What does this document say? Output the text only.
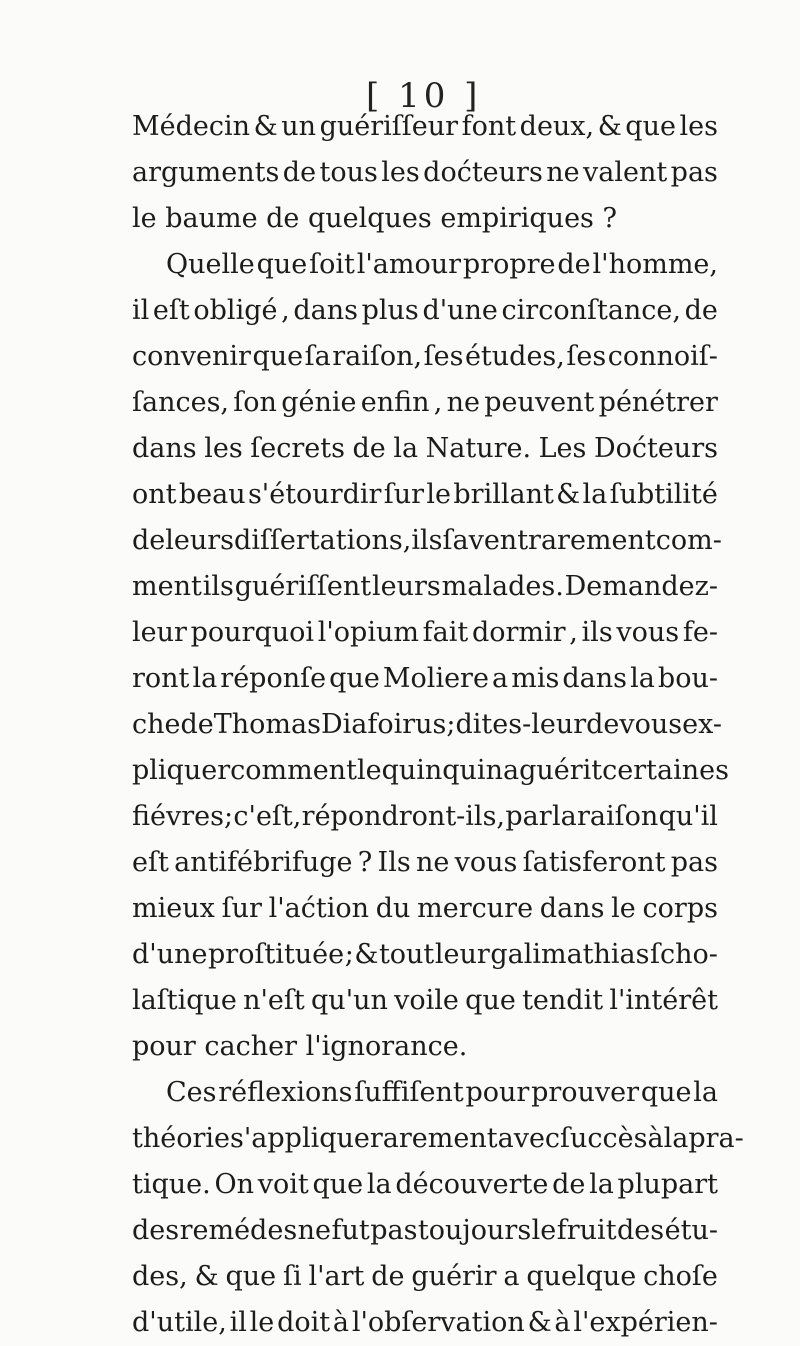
[ 10 ]
Médecin & un guériſſeur font deux, & que les
arguments de tous les doćteurs ne valent pas
le baume de quelques empiriques ?
Quelle que ſoit l'amour propre de l'homme,
il eſt obligé , dans plus d'une circonſtance, de
convenir que ſa raiſon, ſes études, ſes connoiſ-
ſances, ſon génie enfin , ne peuvent pénétrer
dans les ſecrets de la Nature. Les Doćteurs
ont beau s'étourdir ſur le brillant & la ſubtilité
de leurs diſſertations, ils ſavent rarement com-
ment ils guériſſent leurs malades. Demandez-
leur pourquoi l'opium fait dormir , ils vous fe-
ront la réponſe que Moliere a mis dans la bou-
che de Thomas Diafoirus; dites-leur de vous ex-
pliquer comment le quinquina guérit certaines
fiévres; c'eſt, répondront-ils, par la raiſon qu'il
eſt antifébrifuge ? Ils ne vous ſatisferont pas
mieux ſur l'aćtion du mercure dans le corps
d'une proſtituée ; & tout leur galimathias ſcho-
laſtique n'eſt qu'un voile que tendit l'intérêt
pour cacher l'ignorance.
Ces réflexions ſuffiſent pour prouver que la
théorie s'applique rarement avec ſuccès à la pra-
tique. On voit que la découverte de la plupart
des remédes ne fut pas toujours le fruit des étu-
des, & que ſi l'art de guérir a quelque choſe
d'utile, il le doit à l'obſervation & à l'expérien-
